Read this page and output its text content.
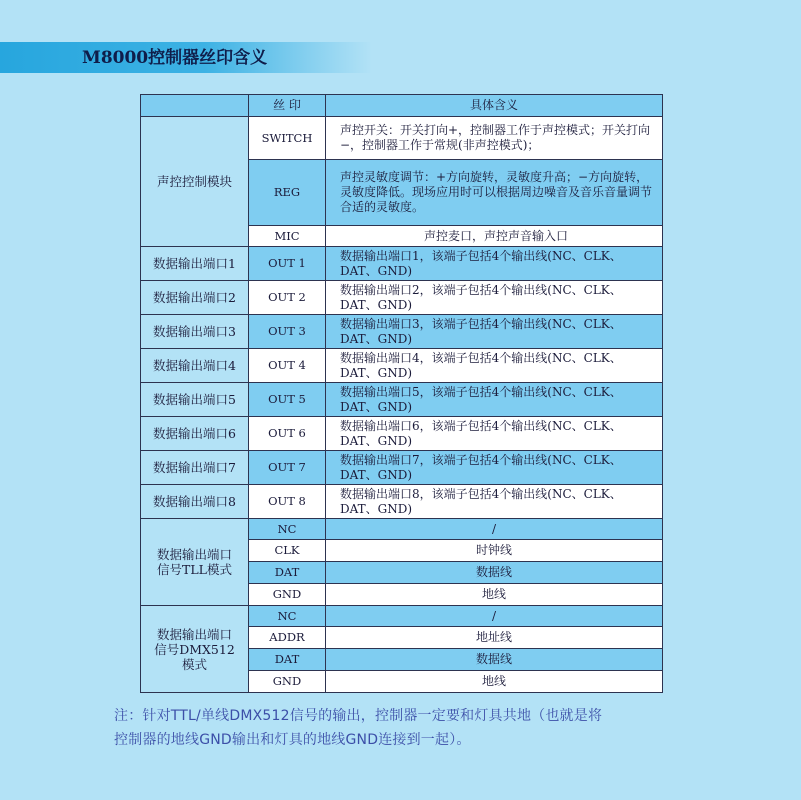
M8000控制器丝印含义
	丝 印	具体含义
声控控制模块	SWITCH	声控开关：开关打向+，控制器工作于声控模式；开关打向−，控制器工作于常规(非声控模式)；
	REG	声控灵敏度调节：+方向旋转，灵敏度升高；−方向旋转，灵敏度降低。现场应用时可以根据周边噪音及音乐音量调节合适的灵敏度。
	MIC	声控麦口，声控声音输入口
数据输出端口1	OUT 1	数据输出端口1，该端子包括4个输出线(NC、CLK、DAT、GND)
数据输出端口2	OUT 2	数据输出端口2，该端子包括4个输出线(NC、CLK、DAT、GND)
数据输出端口3	OUT 3	数据输出端口3，该端子包括4个输出线(NC、CLK、DAT、GND)
数据输出端口4	OUT 4	数据输出端口4，该端子包括4个输出线(NC、CLK、DAT、GND)
数据输出端口5	OUT 5	数据输出端口5，该端子包括4个输出线(NC、CLK、DAT、GND)
数据输出端口6	OUT 6	数据输出端口6，该端子包括4个输出线(NC、CLK、DAT、GND)
数据输出端口7	OUT 7	数据输出端口7，该端子包括4个输出线(NC、CLK、DAT、GND)
数据输出端口8	OUT 8	数据输出端口8，该端子包括4个输出线(NC、CLK、DAT、GND)

数据输出端口
信号TLL模式	NC	/
	CLK	时钟线
	DAT	数据线
	GND	地线

数据输出端口
信号DMX512
模式	NC	/
	ADDR	地址线
	DAT	数据线
	GND	地线
注：针对TTL/单线DMX512信号的输出，控制器一定要和灯具共地（也就是将
控制器的地线GND输出和灯具的地线GND连接到一起）。
